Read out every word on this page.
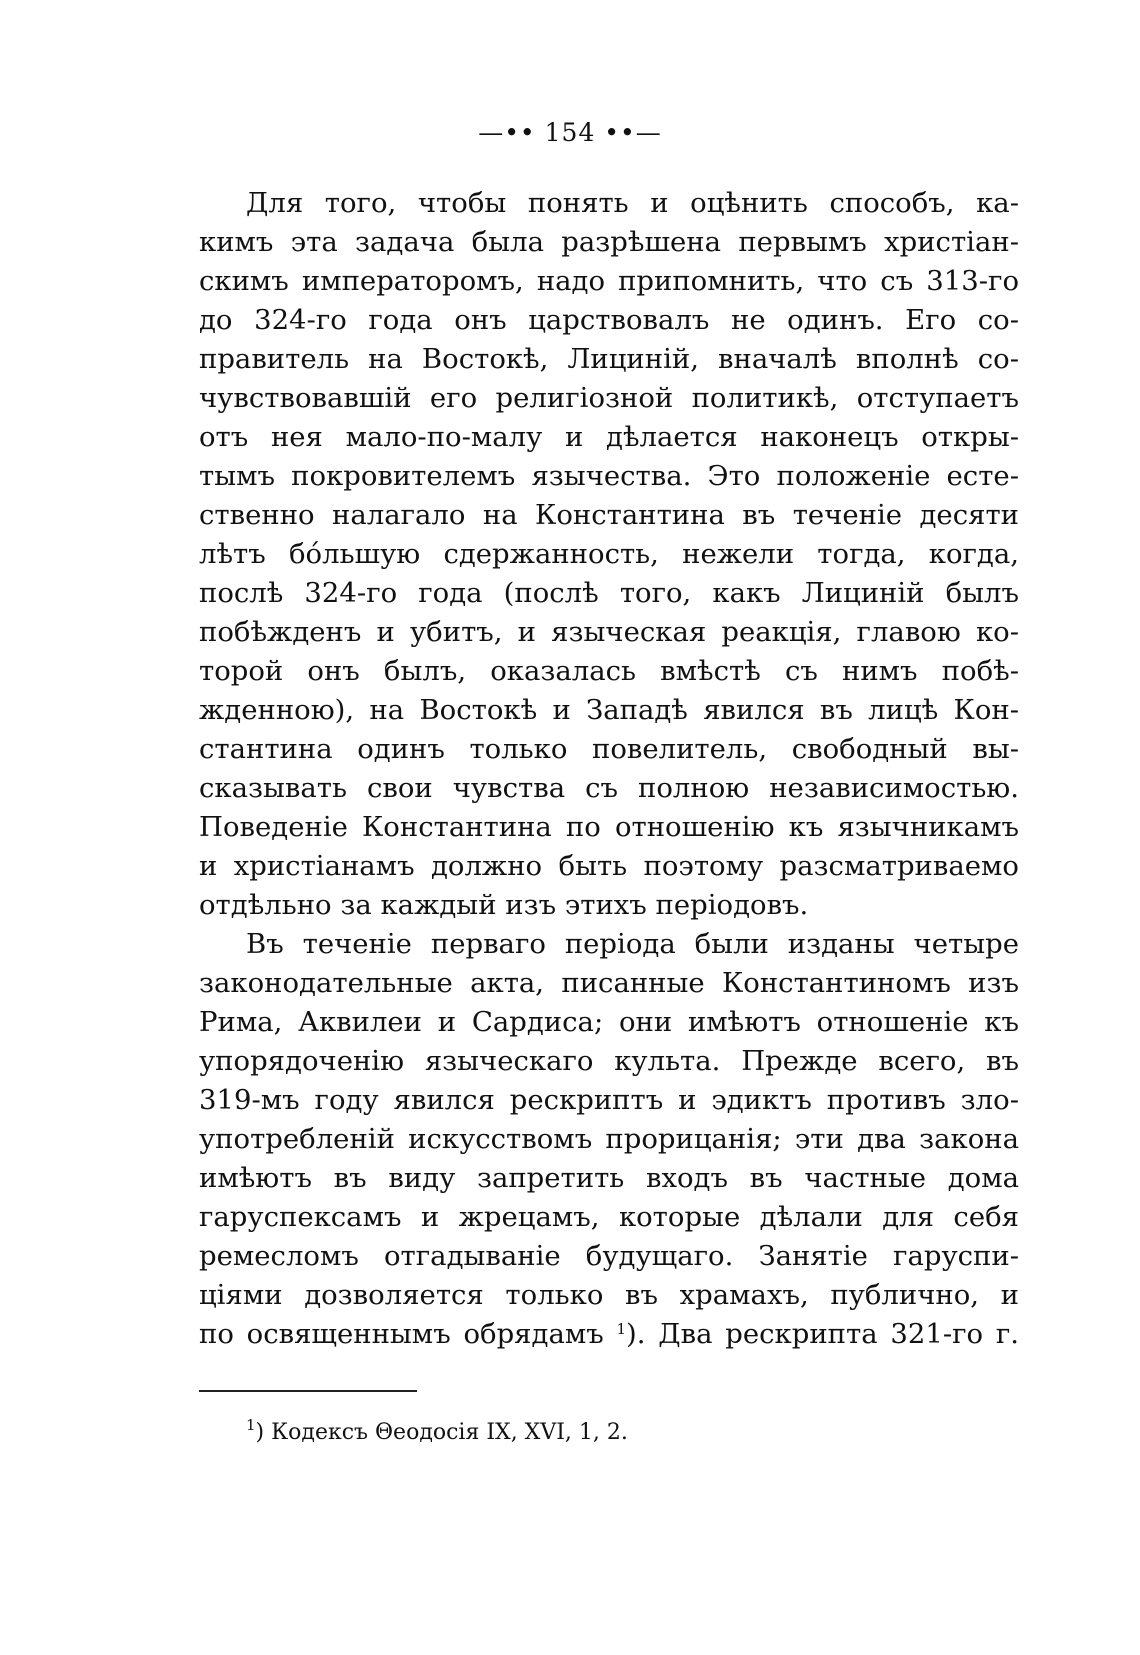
—•• 154 ••—
Для того, чтобы понять и оцѣнить способъ, ка-
кимъ эта задача была разрѣшена первымъ христіан-
скимъ императоромъ, надо припомнить, что съ 313-го
до 324-го года онъ царствовалъ не одинъ. Его со-
правитель на Востокѣ, Лициній, вначалѣ вполнѣ со-
чувствовавшій его религіозной политикѣ, отступаетъ
отъ нея мало-по-малу и дѣлается наконецъ откры-
тымъ покровителемъ язычества. Это положеніе есте-
ственно налагало на Константина въ теченіе десяти
лѣтъ бóльшую сдержанность, нежели тогда, когда,
послѣ 324-го года (послѣ того, какъ Лициній былъ
побѣжденъ и убитъ, и языческая реакція, главою ко-
торой онъ былъ, оказалась вмѣстѣ съ нимъ побѣ-
жденною), на Востокѣ и Западѣ явился въ лицѣ Кон-
стантина одинъ только повелитель, свободный вы-
сказывать свои чувства съ полною независимостью.
Поведеніе Константина по отношенію къ язычникамъ
и христіанамъ должно быть поэтому разсматриваемо
отдѣльно за каждый изъ этихъ періодовъ.
Въ теченіе перваго періода были изданы четыре
законодательные акта, писанные Константиномъ изъ
Рима, Аквилеи и Сардиса; они имѣютъ отношеніе къ
упорядоченію языческаго культа. Прежде всего, въ
319-мъ году явился рескриптъ и эдиктъ противъ зло-
употребленій искусствомъ прорицанія; эти два закона
имѣютъ въ виду запретить входъ въ частные дома
гаруспексамъ и жрецамъ, которые дѣлали для себя
ремесломъ отгадываніе будущаго. Занятіе гаруспи-
ціями дозволяется только въ храмахъ, публично, и
по освященнымъ обрядамъ $^1$). Два рескрипта 321-го г.
$^1$) Кодексъ Θеодосія IX, XVI, 1, 2.
